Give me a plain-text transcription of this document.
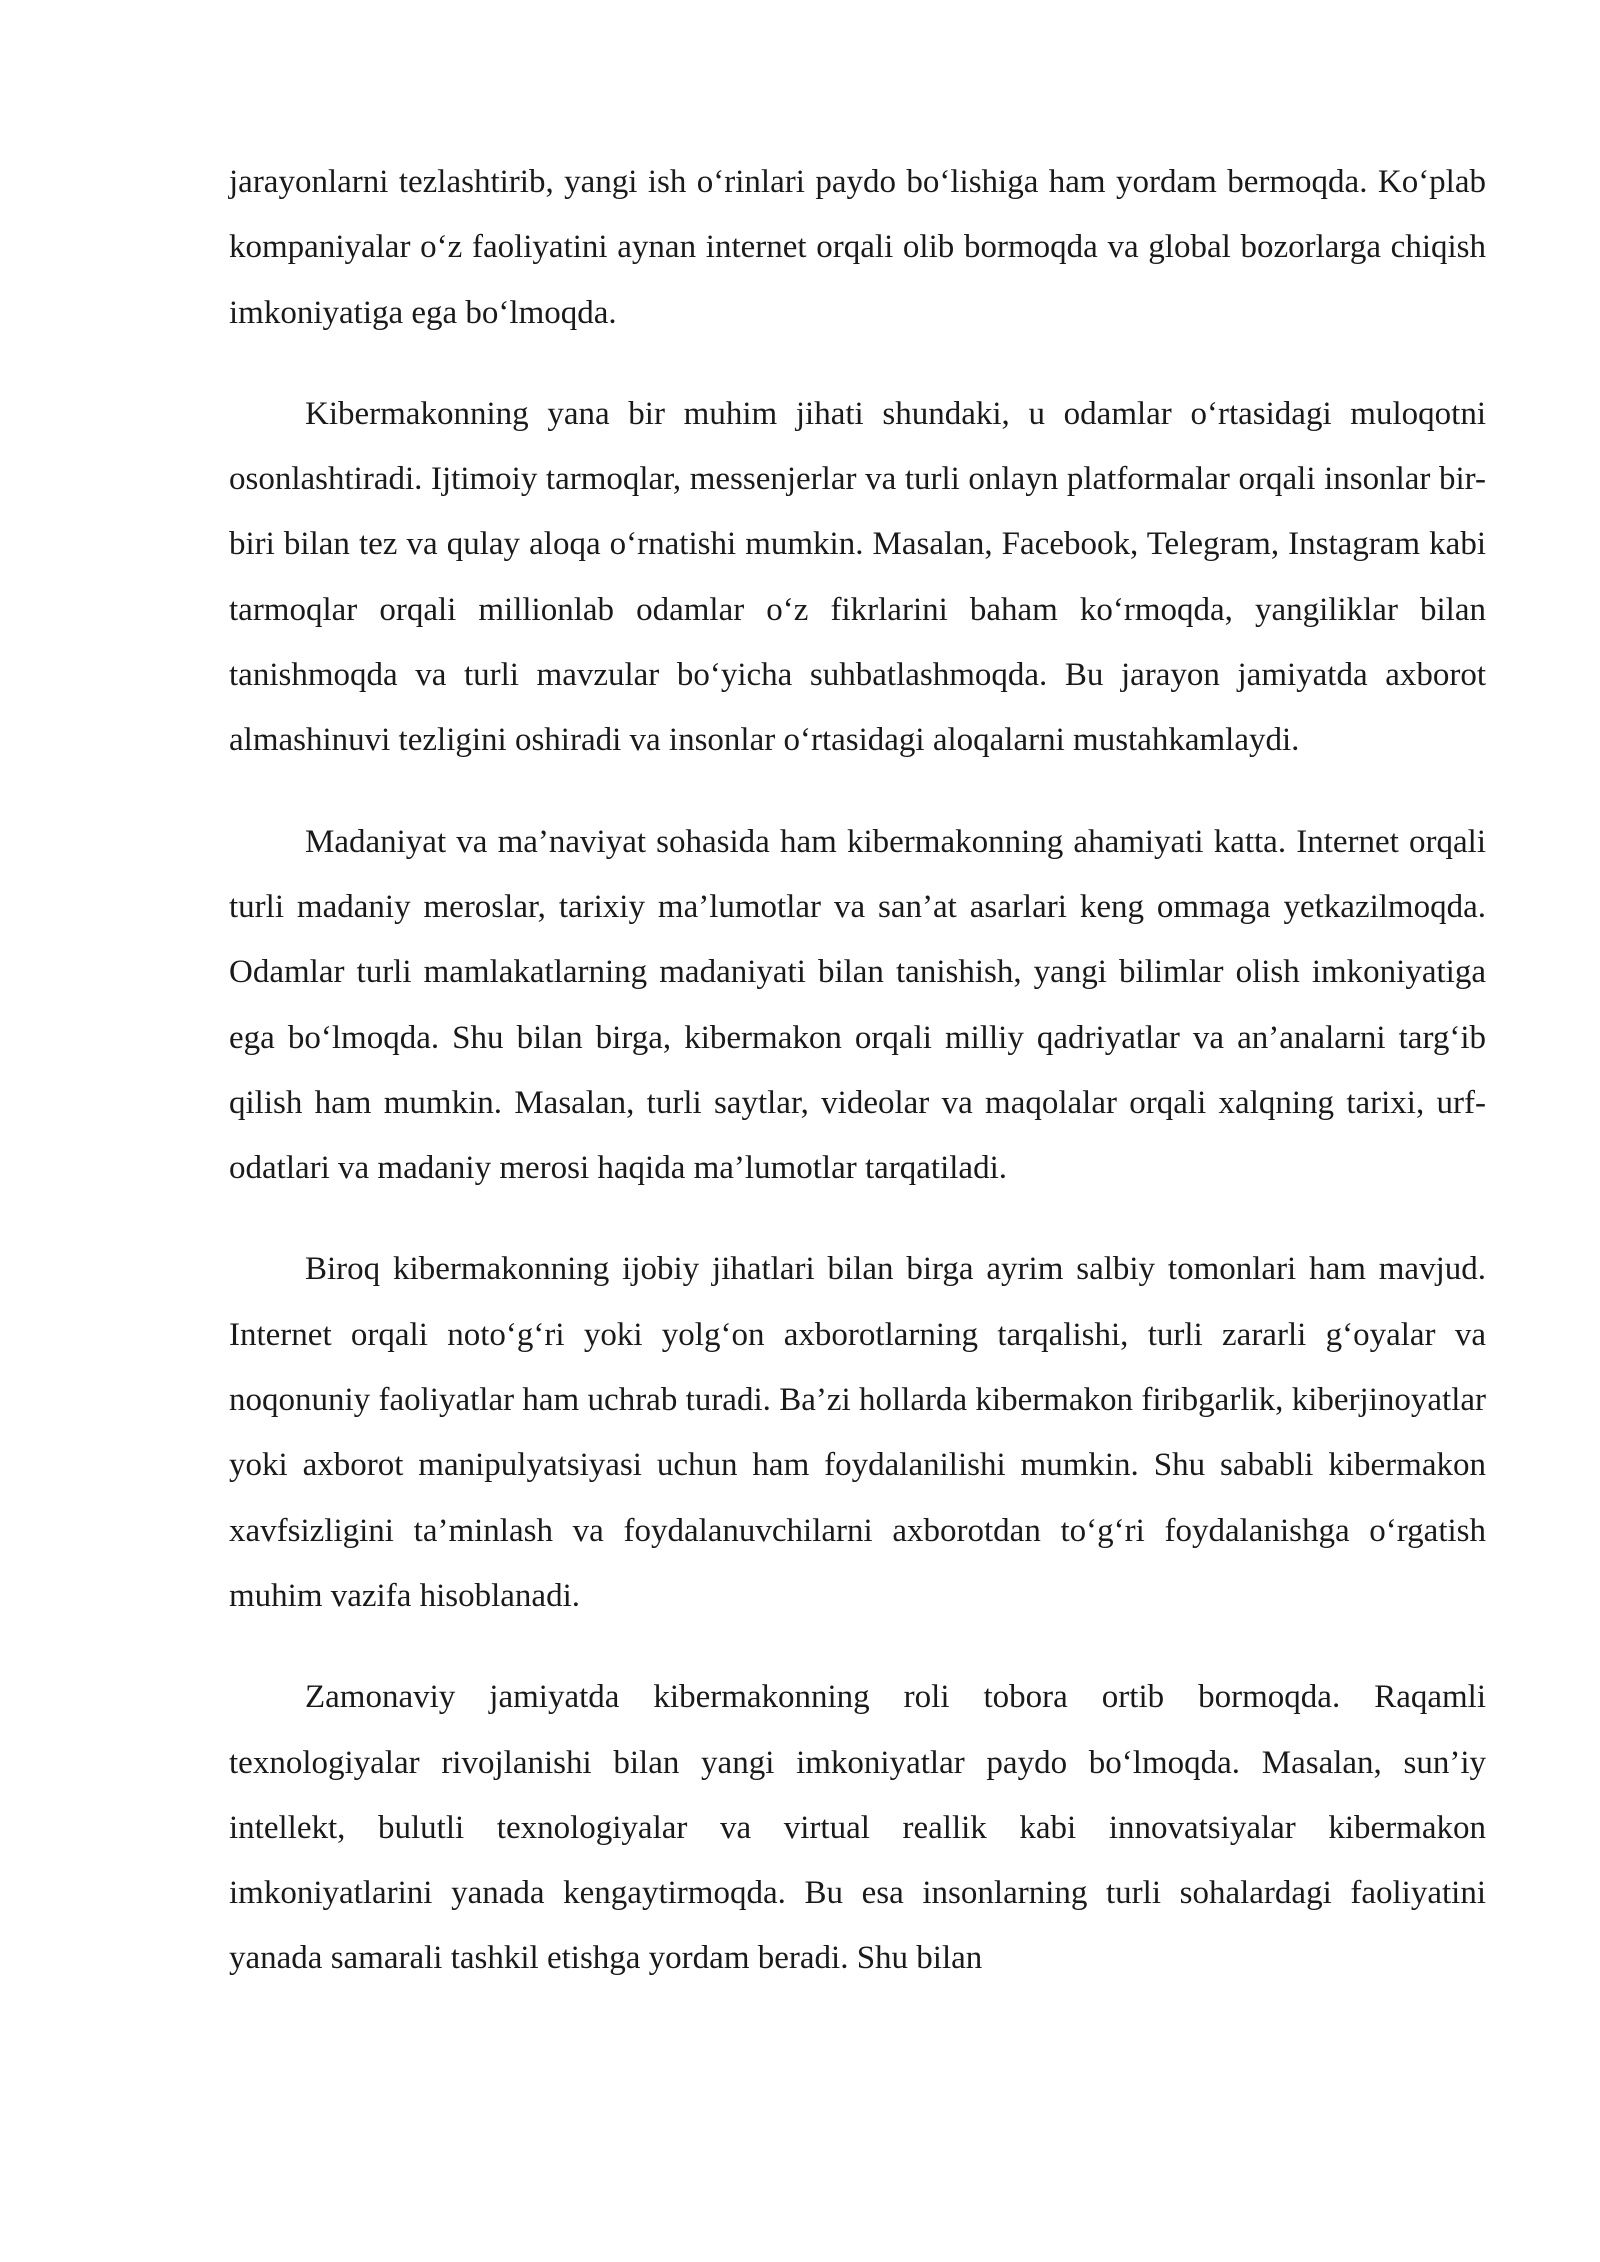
jarayonlarni tezlashtirib, yangi ish o‘rinlari paydo bo‘lishiga ham yordam bermoqda. Ko‘plab kompaniyalar o‘z faoliyatini aynan internet orqali olib bormoqda va global bozorlarga chiqish imkoniyatiga ega bo‘lmoqda.

Kibermakonning yana bir muhim jihati shundaki, u odamlar o‘rtasidagi muloqotni osonlashtiradi. Ijtimoiy tarmoqlar, messenjerlar va turli onlayn platformalar orqali insonlar bir-biri bilan tez va qulay aloqa o‘rnatishi mumkin. Masalan, Facebook, Telegram, Instagram kabi tarmoqlar orqali millionlab odamlar o‘z fikrlarini baham ko‘rmoqda, yangiliklar bilan tanishmoqda va turli mavzular bo‘yicha suhbatlashmoqda. Bu jarayon jamiyatda axborot almashinuvi tezligini oshiradi va insonlar o‘rtasidagi aloqalarni mustahkamlaydi.

Madaniyat va ma’naviyat sohasida ham kibermakonning ahamiyati katta. Internet orqali turli madaniy meroslar, tarixiy ma’lumotlar va san’at asarlari keng ommaga yetkazilmoqda. Odamlar turli mamlakatlarning madaniyati bilan tanishish, yangi bilimlar olish imkoniyatiga ega bo‘lmoqda. Shu bilan birga, kibermakon orqali milliy qadriyatlar va an’analarni targ‘ib qilish ham mumkin. Masalan, turli saytlar, videolar va maqolalar orqali xalqning tarixi, urf-odatlari va madaniy merosi haqida ma’lumotlar tarqatiladi.

Biroq kibermakonning ijobiy jihatlari bilan birga ayrim salbiy tomonlari ham mavjud. Internet orqali noto‘g‘ri yoki yolg‘on axborotlarning tarqalishi, turli zararli g‘oyalar va noqonuniy faoliyatlar ham uchrab turadi. Ba’zi hollarda kibermakon firibgarlik, kiberjinoyatlar yoki axborot manipulyatsiyasi uchun ham foydalanilishi mumkin. Shu sababli kibermakon xavfsizligini ta’minlash va foydalanuvchilarni axborotdan to‘g‘ri foydalanishga o‘rgatish muhim vazifa hisoblanadi.

Zamonaviy jamiyatda kibermakonning roli tobora ortib bormoqda. Raqamli texnologiyalar rivojlanishi bilan yangi imkoniyatlar paydo bo‘lmoqda. Masalan, sun’iy intellekt, bulutli texnologiyalar va virtual reallik kabi innovatsiyalar kibermakon imkoniyatlarini yanada kengaytirmoqda. Bu esa insonlarning turli sohalardagi faoliyatini yanada samarali tashkil etishga yordam beradi. Shu bilan
